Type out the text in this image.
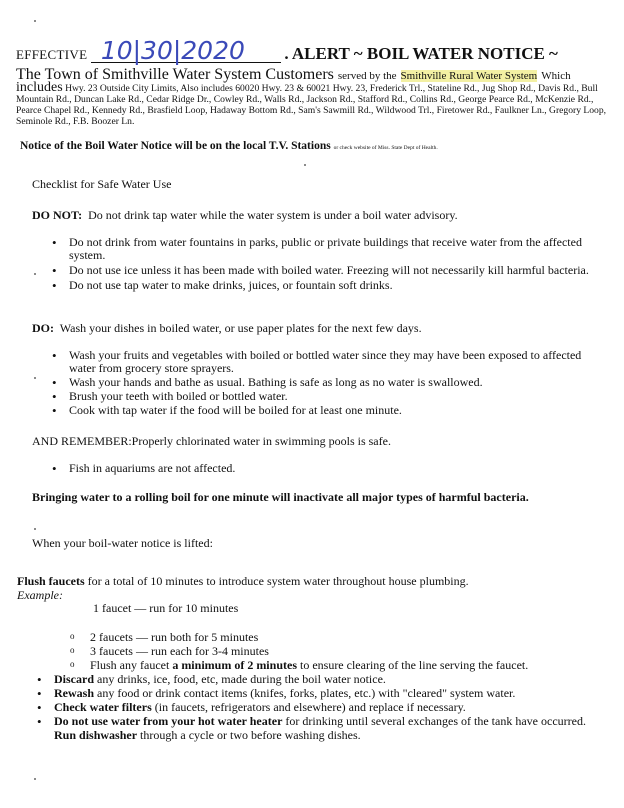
EFFECTIVE 10|30|2020 . ALERT ~ BOIL WATER NOTICE ~
The Town of Smithville Water System Customers served by the Smithville Rural Water System Which
includes Hwy. 23 Outside City Limits, Also includes 60020 Hwy. 23 & 60021 Hwy. 23, Frederick Trl., Stateline Rd., Jug Shop Rd., Davis Rd., Bull Mountain Rd., Duncan Lake Rd., Cedar Ridge Dr., Cowley Rd., Walls Rd., Jackson Rd., Stafford Rd., Collins Rd., George Pearce Rd., McKenzie Rd., Pearce Chapel Rd., Kennedy Rd., Brasfield Loop, Hadaway Bottom Rd., Sam's Sawmill Rd., Wildwood Trl., Firetower Rd., Faulkner Ln., Gregory Loop, Seminole Rd., F.B. Boozer Ln.
Notice of the Boil Water Notice will be on the local T.V. Stations or check website of Miss. State Dept of Health.
Checklist for Safe Water Use
DO NOT: Do not drink tap water while the water system is under a boil water advisory.
• Do not drink from water fountains in parks, public or private buildings that receive water from the affected system.
• Do not use ice unless it has been made with boiled water. Freezing will not necessarily kill harmful bacteria.
• Do not use tap water to make drinks, juices, or fountain soft drinks.
DO: Wash your dishes in boiled water, or use paper plates for the next few days.
• Wash your fruits and vegetables with boiled or bottled water since they may have been exposed to affected water from grocery store sprayers.
• Wash your hands and bathe as usual. Bathing is safe as long as no water is swallowed.
• Brush your teeth with boiled or bottled water.
• Cook with tap water if the food will be boiled for at least one minute.
AND REMEMBER:Properly chlorinated water in swimming pools is safe.
• Fish in aquariums are not affected.
Bringing water to a rolling boil for one minute will inactivate all major types of harmful bacteria.
When your boil-water notice is lifted:
Flush faucets for a total of 10 minutes to introduce system water throughout house plumbing.
Example:
1 faucet — run for 10 minutes
o 2 faucets — run both for 5 minutes
o 3 faucets — run each for 3-4 minutes
o Flush any faucet a minimum of 2 minutes to ensure clearing of the line serving the faucet.
• Discard any drinks, ice, food, etc, made during the boil water notice.
• Rewash any food or drink contact items (knifes, forks, plates, etc.) with "cleared" system water.
• Check water filters (in faucets, refrigerators and elsewhere) and replace if necessary.
• Do not use water from your hot water heater for drinking until several exchanges of the tank have occurred.
Run dishwasher through a cycle or two before washing dishes.
